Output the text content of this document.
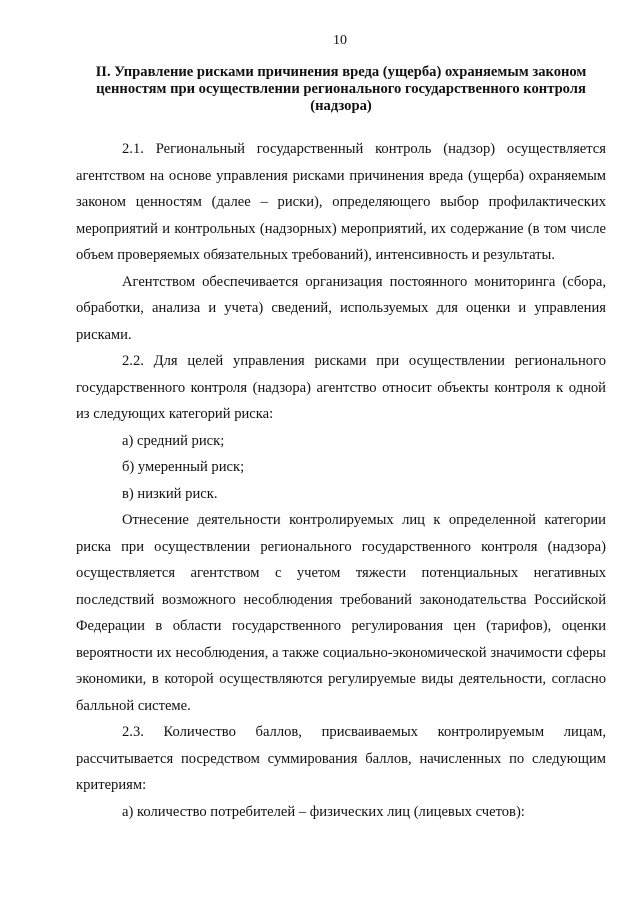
10
II. Управление рисками причинения вреда (ущерба) охраняемым законом ценностям при осуществлении регионального государственного контроля (надзора)

2.1. Региональный государственный контроль (надзор) осуществляется агентством на основе управления рисками причинения вреда (ущерба) охраняемым законом ценностям (далее – риски), определяющего выбор профилактических мероприятий и контрольных (надзорных) мероприятий, их содержание (в том числе объем проверяемых обязательных требований), интенсивность и результаты.

Агентством обеспечивается организация постоянного мониторинга (сбора, обработки, анализа и учета) сведений, используемых для оценки и управления рисками.

2.2. Для целей управления рисками при осуществлении регионального государственного контроля (надзора) агентство относит объекты контроля к одной из следующих категорий риска:

а) средний риск;

б) умеренный риск;

в) низкий риск.

Отнесение деятельности контролируемых лиц к определенной категории риска при осуществлении регионального государственного контроля (надзора) осуществляется агентством с учетом тяжести потенциальных негативных последствий возможного несоблюдения требований законодательства Российской Федерации в области государственного регулирования цен (тарифов), оценки вероятности их несоблюдения, а также социально-экономической значимости сферы экономики, в которой осуществляются регулируемые виды деятельности, согласно балльной системе.

2.3. Количество баллов, присваиваемых контролируемым лицам, рассчитывается посредством суммирования баллов, начисленных по следующим критериям:

а) количество потребителей – физических лиц (лицевых счетов):
